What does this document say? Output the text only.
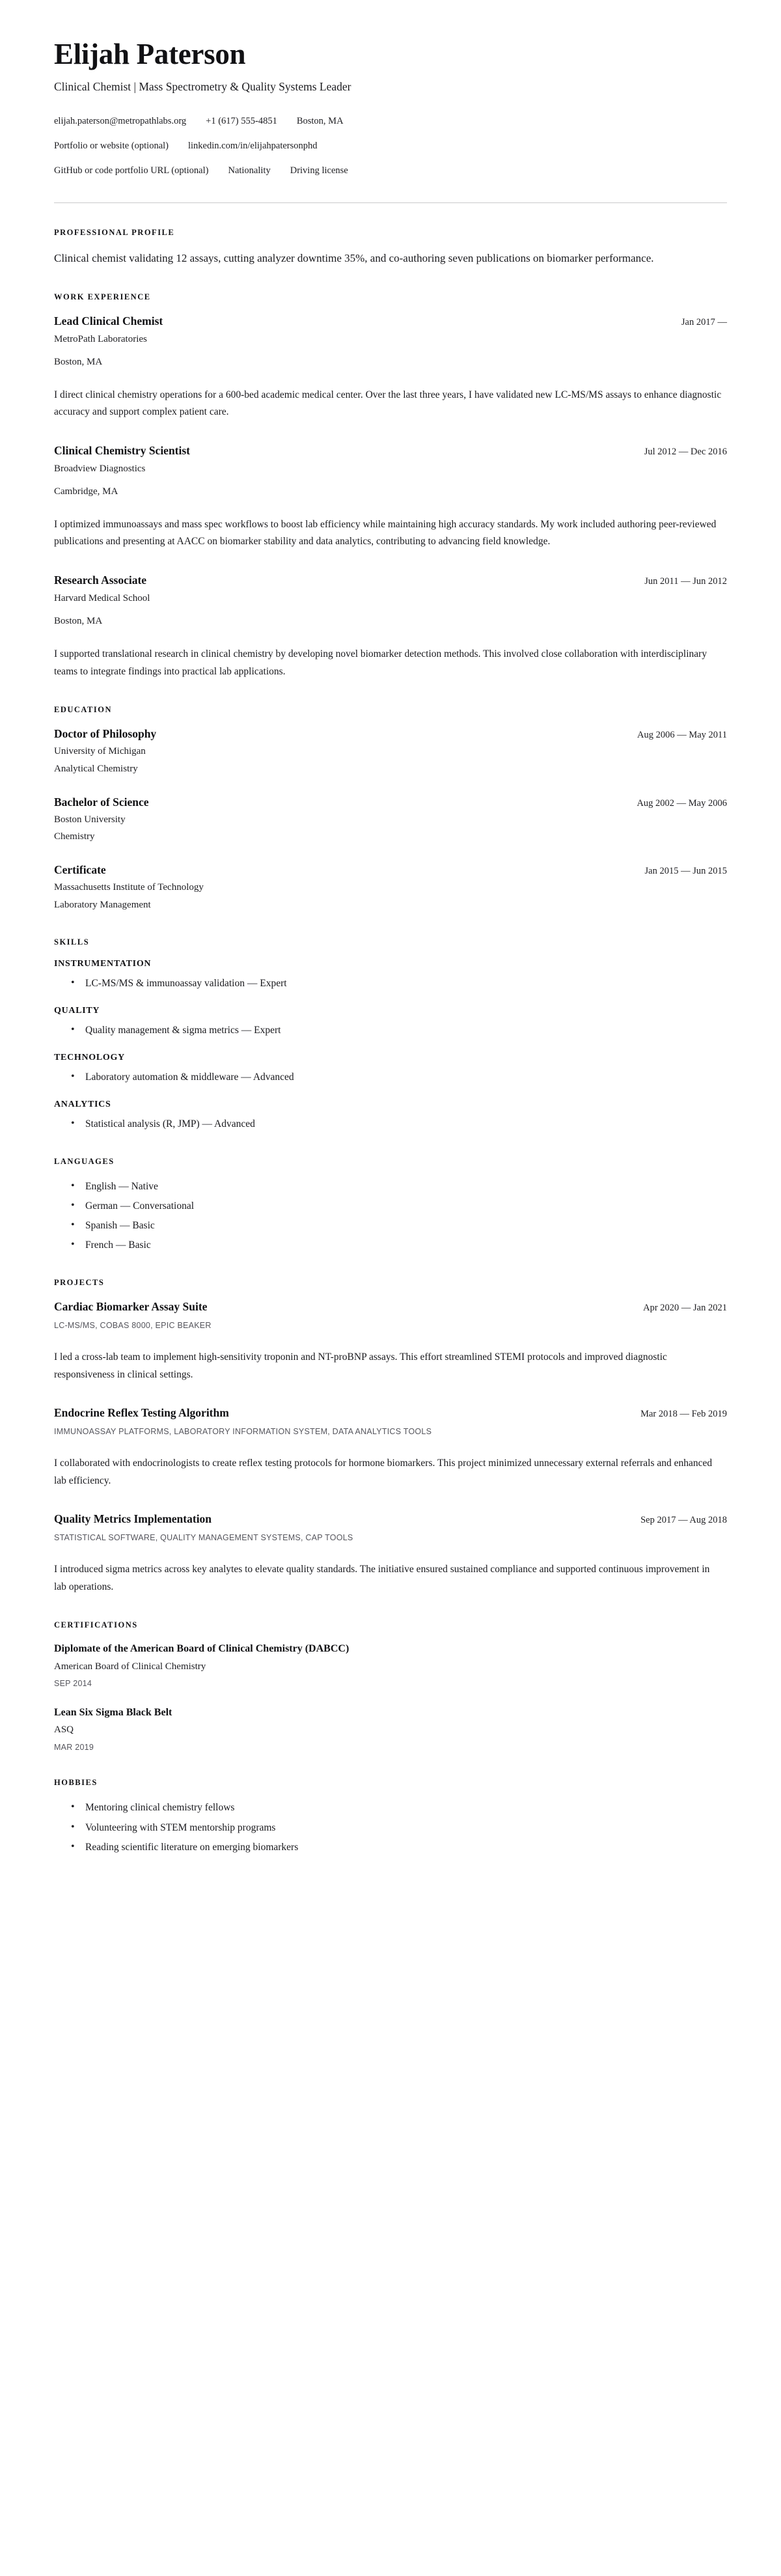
Elijah Paterson
Clinical Chemist | Mass Spectrometry & Quality Systems Leader
elijah.paterson@metropathlabs.org +1 (617) 555-4851 Boston, MA
Portfolio or website (optional) linkedin.com/in/elijahpatersonphd
GitHub or code portfolio URL (optional) Nationality Driving license
PROFESSIONAL PROFILE

Clinical chemist validating 12 assays, cutting analyzer downtime 35%, and co-authoring seven publications on biomarker performance.

WORK EXPERIENCE
Lead Clinical Chemist	Jan 2017 —
MetroPath Laboratories
Boston, MA
I direct clinical chemistry operations for a 600-bed academic medical center. Over the last three years, I have validated new LC-MS/MS assays to enhance diagnostic accuracy and support complex patient care.
Clinical Chemistry Scientist	Jul 2012 — Dec 2016
Broadview Diagnostics
Cambridge, MA
I optimized immunoassays and mass spec workflows to boost lab efficiency while maintaining high accuracy standards. My work included authoring peer-reviewed publications and presenting at AACC on biomarker stability and data analytics, contributing to advancing field knowledge.
Research Associate	Jun 2011 — Jun 2012
Harvard Medical School
Boston, MA
I supported translational research in clinical chemistry by developing novel biomarker detection methods. This involved close collaboration with interdisciplinary teams to integrate findings into practical lab applications.
EDUCATION
Doctor of Philosophy	Aug 2006 — May 2011
University of Michigan
Analytical Chemistry
Bachelor of Science	Aug 2002 — May 2006
Boston University
Chemistry
Certificate	Jan 2015 — Jun 2015
Massachusetts Institute of Technology
Laboratory Management
SKILLS
INSTRUMENTATION
• LC-MS/MS & immunoassay validation — Expert
QUALITY
• Quality management & sigma metrics — Expert
TECHNOLOGY
• Laboratory automation & middleware — Advanced
ANALYTICS
• Statistical analysis (R, JMP) — Advanced
LANGUAGES
• English — Native
• German — Conversational
• Spanish — Basic
• French — Basic
PROJECTS
Cardiac Biomarker Assay Suite	Apr 2020 — Jan 2021
LC-MS/MS, COBAS 8000, EPIC BEAKER
I led a cross-lab team to implement high-sensitivity troponin and NT-proBNP assays. This effort streamlined STEMI protocols and improved diagnostic responsiveness in clinical settings.
Endocrine Reflex Testing Algorithm	Mar 2018 — Feb 2019
IMMUNOASSAY PLATFORMS, LABORATORY INFORMATION SYSTEM, DATA ANALYTICS TOOLS
I collaborated with endocrinologists to create reflex testing protocols for hormone biomarkers. This project minimized unnecessary external referrals and enhanced lab efficiency.
Quality Metrics Implementation	Sep 2017 — Aug 2018
STATISTICAL SOFTWARE, QUALITY MANAGEMENT SYSTEMS, CAP TOOLS
I introduced sigma metrics across key analytes to elevate quality standards. The initiative ensured sustained compliance and supported continuous improvement in lab operations.
CERTIFICATIONS
Diplomate of the American Board of Clinical Chemistry (DABCC)
American Board of Clinical Chemistry
SEP 2014
Lean Six Sigma Black Belt
ASQ
MAR 2019
HOBBIES
• Mentoring clinical chemistry fellows
• Volunteering with STEM mentorship programs
• Reading scientific literature on emerging biomarkers
